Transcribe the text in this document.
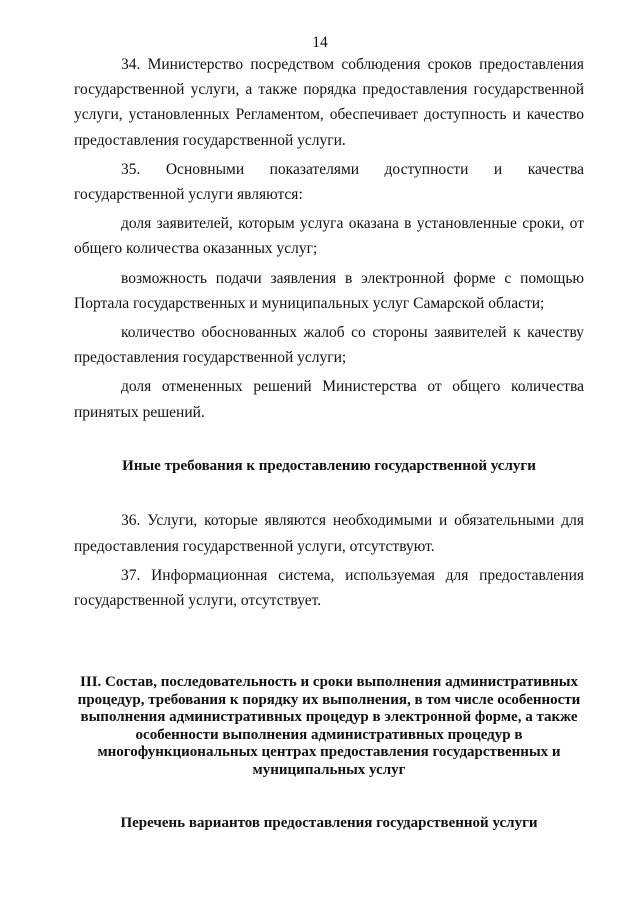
14

34. Министерство посредством соблюдения сроков предоставления государственной услуги, а также порядка предоставления государственной услуги, установленных Регламентом, обеспечивает доступность и качество предоставления государственной услуги.

35. Основными показателями доступности и качества государственной услуги являются:

доля заявителей, которым услуга оказана в установленные сроки, от общего количества оказанных услуг;

возможность подачи заявления в электронной форме с помощью Портала государственных и муниципальных услуг Самарской области;

количество обоснованных жалоб со стороны заявителей к качеству предоставления государственной услуги;

доля отмененных решений Министерства от общего количества принятых решений.

Иные требования к предоставлению государственной услуги

36. Услуги, которые являются необходимыми и обязательными для предоставления государственной услуги, отсутствуют.

37. Информационная система, используемая для предоставления государственной услуги, отсутствует.

III. Состав, последовательность и сроки выполнения административных процедур, требования к порядку их выполнения, в том числе особенности выполнения административных процедур в электронной форме, а также особенности выполнения административных процедур в многофункциональных центрах предоставления государственных и муниципальных услуг
Перечень вариантов предоставления государственной услуги
